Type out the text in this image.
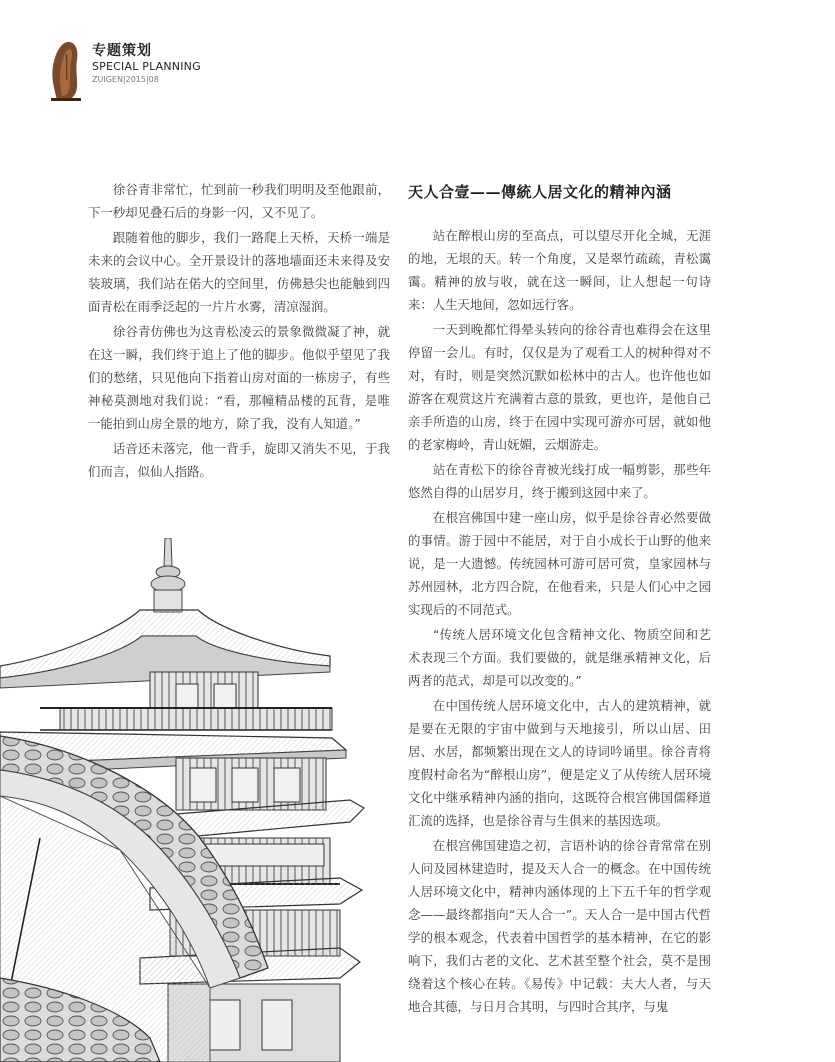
专题策划
SPECIAL PLANNING
ZUIGEN|2015|08

徐谷青非常忙，忙到前一秒我们明明及至他跟前，下一秒却见叠石后的身影一闪，又不见了。

跟随着他的脚步，我们一路爬上天桥，天桥一端是未来的会议中心。全开景设计的落地墙面还未来得及安装玻璃，我们站在偌大的空间里，仿佛悬尖也能触到四面青松在雨季泛起的一片片水雾，清凉湿润。

徐谷青仿佛也为这青松凌云的景象微微凝了神，就在这一瞬，我们终于追上了他的脚步。他似乎望见了我们的愁绪，只见他向下指着山房对面的一栋房子，有些神秘莫测地对我们说：“看，那幢精品楼的瓦背，是唯一能拍到山房全景的地方，除了我，没有人知道。”

话音还未落完，他一背手，旋即又消失不见，于我们而言，似仙人指路。

天人合壹——傳統人居文化的精神內涵

站在醉根山房的至高点，可以望尽开化全城，无涯的地，无垠的天。转一个角度，又是翠竹疏疏，青松霭霭。精神的放与收，就在这一瞬间，让人想起一句诗来：人生天地间，忽如远行客。

一天到晚都忙得晕头转向的徐谷青也难得会在这里停留一会儿。有时，仅仅是为了观看工人的树种得对不对，有时，则是突然沉默如松林中的古人。也许他也如游客在观赏这片充满着古意的景致，更也许，是他自己亲手所造的山房，终于在园中实现可游亦可居，就如他的老家梅岭，青山妩媚，云烟游走。

站在青松下的徐谷青被光线打成一幅剪影，那些年悠然自得的山居岁月，终于搬到这园中来了。

在根宫佛国中建一座山房，似乎是徐谷青必然要做的事情。游于园中不能居，对于自小成长于山野的他来说，是一大遗憾。传统园林可游可居可赏，皇家园林与苏州园林，北方四合院，在他看来，只是人们心中之园实现后的不同范式。

“传统人居环境文化包含精神文化、物质空间和艺术表现三个方面。我们要做的，就是继承精神文化，后两者的范式，却是可以改变的。”

在中国传统人居环境文化中，古人的建筑精神，就是要在无限的宇宙中做到与天地接引，所以山居、田居、水居，都频繁出现在文人的诗词吟诵里。徐谷青将度假村命名为“醉根山房”，便是定义了从传统人居环境文化中继承精神内涵的指向，这既符合根宫佛国儒释道汇流的选择，也是徐谷青与生俱来的基因选项。

在根宫佛国建造之初，言语朴讷的徐谷青常常在别人问及园林建造时，提及天人合一的概念。在中国传统人居环境文化中，精神内涵体现的上下五千年的哲学观念——最终都指向“天人合一”。天人合一是中国古代哲学的根本观念，代表着中国哲学的基本精神，在它的影响下，我们古老的文化、艺术甚至整个社会，莫不是围绕着这个核心在转。《易传》中记载：夫大人者，与天地合其德，与日月合其明，与四时合其序，与鬼
